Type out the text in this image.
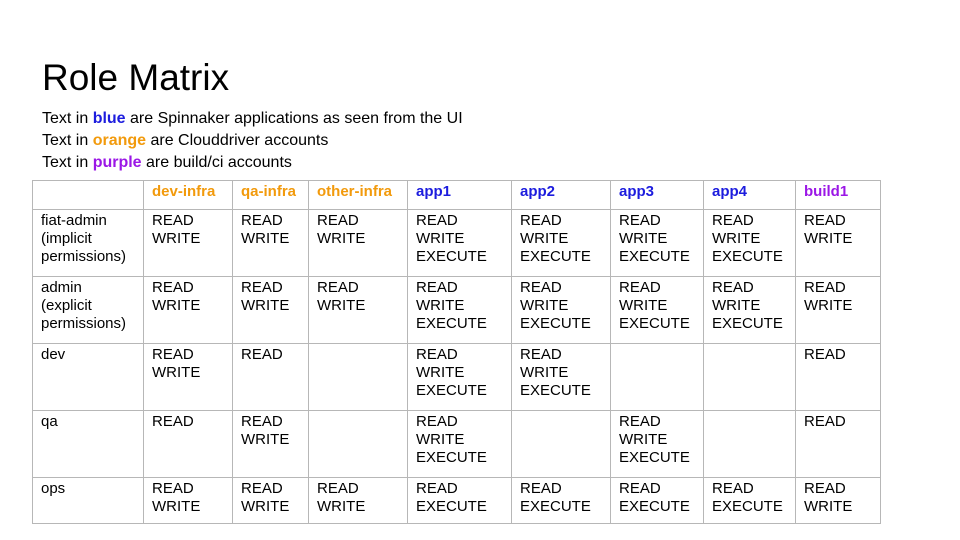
Role Matrix
Text in blue are Spinnaker applications as seen from the UI
Text in orange are Clouddriver accounts
Text in purple are build/ci accounts
	dev-infra	qa-infra	other-infra	app1	app2	app3	app4	build1

fiat-admin
(implicit
permissions)	READ
WRITE	READ
WRITE	READ
WRITE	READ
WRITE
EXECUTE	READ
WRITE
EXECUTE	READ
WRITE
EXECUTE	READ
WRITE
EXECUTE	READ
WRITE

admin
(explicit
permissions)	READ
WRITE	READ
WRITE	READ
WRITE	READ
WRITE
EXECUTE	READ
WRITE
EXECUTE	READ
WRITE
EXECUTE	READ
WRITE
EXECUTE	READ
WRITE

dev	READ
WRITE	READ		READ
WRITE
EXECUTE	READ
WRITE
EXECUTE			READ

qa	READ	READ
WRITE		READ
WRITE
EXECUTE		READ
WRITE
EXECUTE		READ

ops	READ
WRITE	READ
WRITE	READ
WRITE	READ
EXECUTE	READ
EXECUTE	READ
EXECUTE	READ
EXECUTE	READ
WRITE
